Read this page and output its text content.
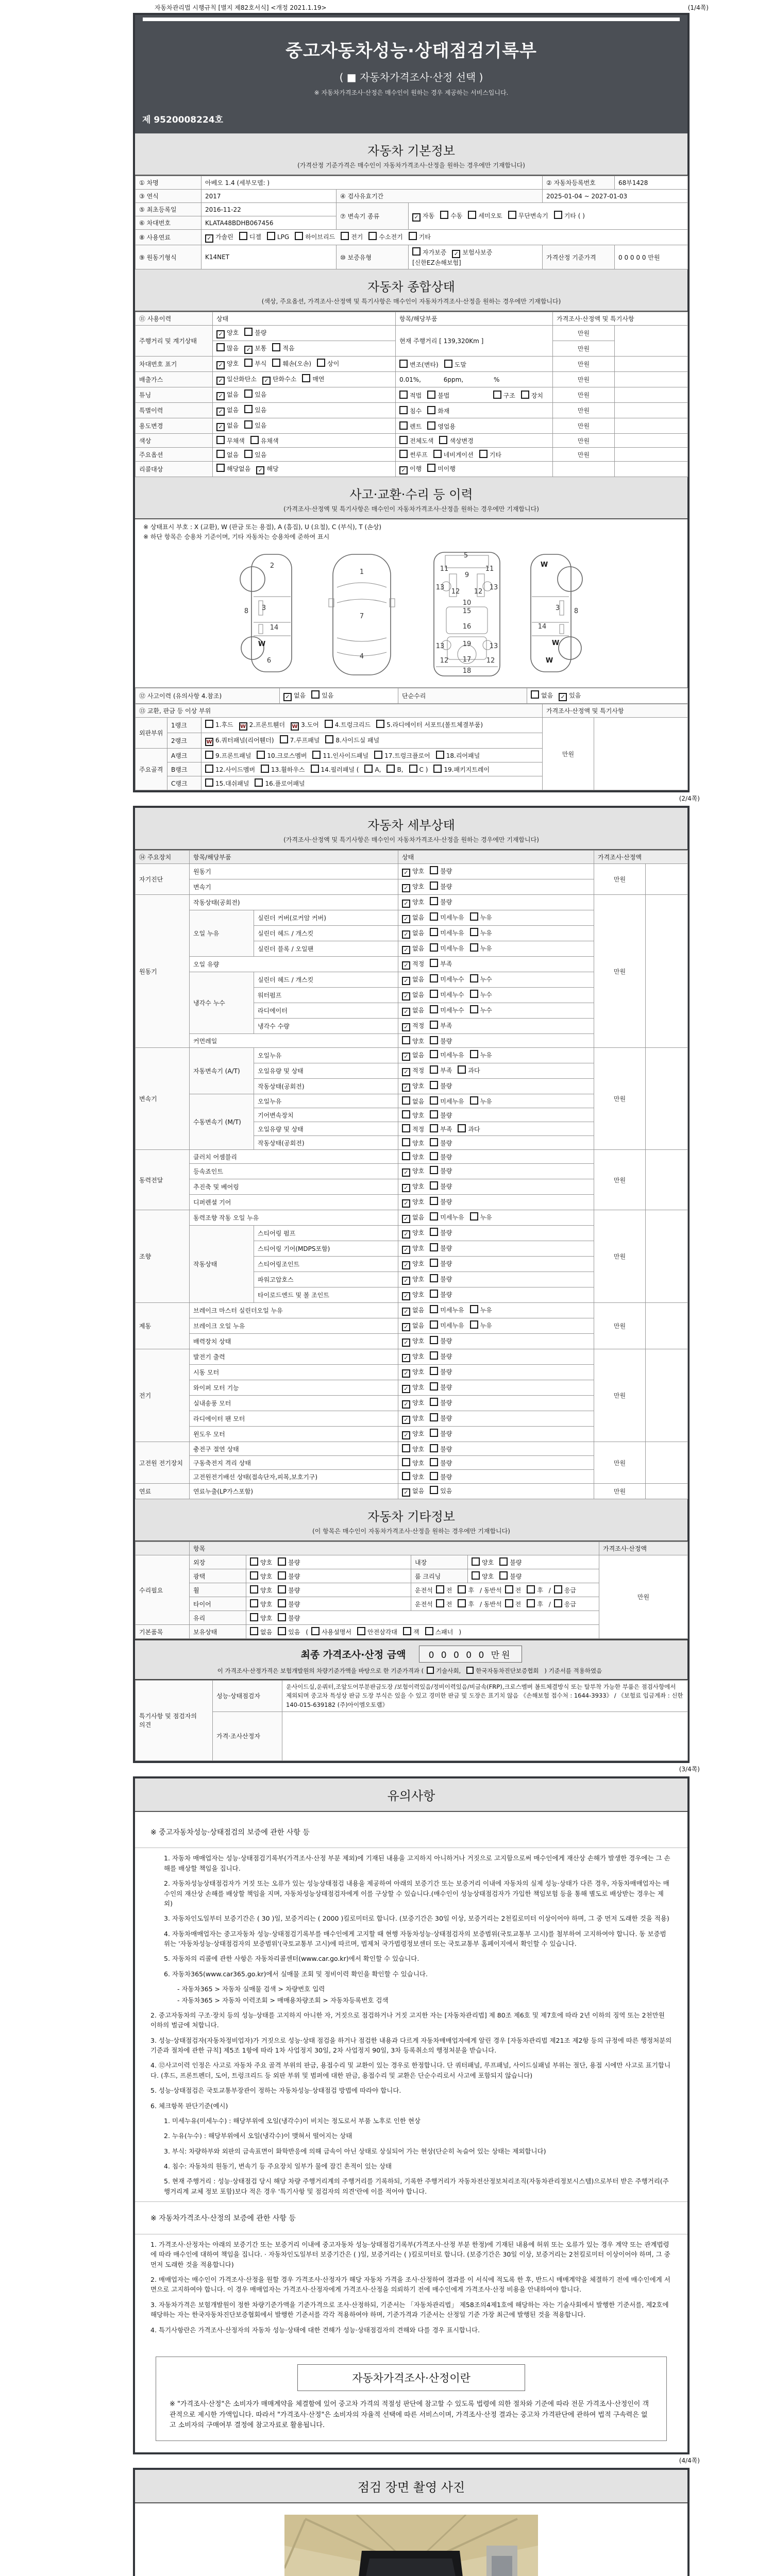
자동차관리법 시행규칙 [별지 제82호서식] <개정 2021.1.19>	(1/4쪽)
중고자동차성능·상태점검기록부
( ■ 자동차가격조사·산정 선택 )
※ 자동차가격조사·산정은 매수인이 원하는 경우 제공하는 서비스입니다.
제 9520008224호
자동차 기본정보
(가격산정 기준가격은 매수인이 자동차가격조사·산정을 원하는 경우에만 기재합니다)
① 차명	아베오 1.4 (세부모델: )			② 자동차등록번호	68부1428
③ 연식	2017	④ 검사유효기간		2025-01-04 ~ 2027-01-03	
⑤ 최초등록일	2016-11-22	⑦ 변속기 종류	✓자동 수동 세미오토 무단변속기 기타 ( )
⑥ 차대번호	KLATA48BDHB067456				
⑧ 사용연료	✓가솔린 디젤 LPG 하이브리드 전기 수소전기 기타
⑨ 원동기형식	K14NET	⑩ 보증유형	자가보증 ✓ 보험사보증[신한EZ손해보험]	가격산정 기준가격	0 0 0 0 0 만원
자동차 종합상태
(색상, 주요옵션, 가격조사·산정액 및 특기사항은 매수인이 자동차가격조사·산정을 원하는 경우에만 기재합니다)
⑪ 사용이력	상태	항목/해당부품	가격조사·산정액 및 특기사항	
주행거리 및 계기상태	✓양호 불량	현재 주행거리 [ 139,320Km ]	만원	
	많음 ✓ 보통 적음		만원	
차대번호 표기	✓양호 부식 훼손(오손) 상이	변조(변타) 도말	만원	
배출가스	✓일산화탄소 ✓ 탄화수소 매연	0.01%, 6ppm, %	만원	
튜닝	✓없음 있음	적법 불법 구조 장치	만원	
특별이력	✓없음 있음	침수 화재	만원	
용도변경	✓없음 있음	렌트 영업용	만원	
색상	무채색 유채색	전체도색 색상변경	만원	
주요옵션	없음 있음	썬루프 네비게이션 기타	만원	
리콜대상	해당없음 ✓ 해당	✓이행 미이행		
사고·교환·수리 등 이력
(가격조사·산정액 및 특기사항은 매수인이 자동차가격조사·산정을 원하는 경우에만 기재합니다)
※ 상태표시 부호 : X (교환), W (판금 또는 용접), A (흠집), U (요철), C (부식), T (손상)
※ 하단 항목은 승용차 기준이며, 기타 자동차는 승용차에 준하여 표시
2
8 3
14
W
6
1
7
4
5
11	11
9
13	13
12 12
10
15
16
19
13	13
12	12
17
18
W
3 8
14
W
W
⑫ 사고이력 (유의사항 4.참조)	✓없음	있음	단순수리	없음 ✓	있음
⑬ 교환, 판금 등 이상 부위			가격조사·산정액 및 특기사항	
외판부위	1랭크	1.후드 W 2.프론트휀더 W 3.도어 4.트렁크리드 5.라디에이터 서포트(볼트체결부품)	만원	
	2랭크	W6.쿼터패널(리어휀더) 7.루프패널 8.사이드실 패널
주요골격	A랭크	9.프론트패널 10.크로스멤버 11.인사이드패널 17.트렁크플로어 18.리어패널		
	B랭크	12.사이드멤버 13.휠하우스 14.필러패널 ( A, B, C ) 19.패키지트레이		
	C랭크	15.대쉬패널 16.플로어패널		
(2/4쪽)
자동차 세부상태
(가격조사·산정액 및 특기사항은 매수인이 자동차가격조사·산정을 원하는 경우에만 기재합니다)
⑭ 주요장치	항목/해당부품		상태	가격조사·산정액	
자기진단	원동기	✓양호 불량	만원	
	변속기	✓양호 불량
원동기	작동상태(공회전)	✓양호 불량	만원	
	오일 누유	실린더 커버(로커암 커버)	✓없음 미세누유 누유
		실린더 헤드 / 개스킷	✓없음 미세누유 누유
		실린더 블록 / 오일팬	✓없음 미세누유 누유
	오일 유량	✓적정 부족
	냉각수 누수	실린더 헤드 / 개스킷	✓없음 미세누수 누수
		워터펌프	✓없음 미세누수 누수
		라디에이터	✓없음 미세누수 누수
		냉각수 수량	✓적정 부족
	커먼레일		양호 불량		
변속기	자동변속기 (A/T)	오일누유	✓없음 미세누유 누유	만원	
		오일유량 및 상태	✓적정 부족 과다
		작동상태(공회전)	✓양호 불량
	수동변속기 (M/T)	오일누유	없음 미세누유 누유		
		기어변속장치	양호 불량		
		오일유량 및 상태	적정 부족 과다		
		작동상태(공회전)	양호 불량		
동력전달	클러치 어셈블리		양호 불량	만원	
	등속죠인트	✓양호 불량
	추진축 및 베어링	✓양호 불량
	디퍼렌셜 기어	✓양호 불량
조향	동력조향 작동 오일 누유	✓없음 미세누유 누유	만원	
	작동상태	스티어링 펌프	✓양호 불량
		스티어링 기어(MDPS포함)	✓양호 불량
		스티어링조인트	✓양호 불량
		파워고압호스	✓양호 불량
		타이로드엔드 및 볼 조인트	✓양호 불량
제동	브레이크 마스터 실린더오일 누유	✓없음 미세누유 누유	만원	
	브레이크 오일 누유	✓없음 미세누유 누유
	배력장치 상태	✓양호 불량
전기	발전기 출력	✓양호 불량	만원	
	시동 모터	✓양호 불량
	와이퍼 모터 기능	✓양호 불량
	실내송풍 모터	✓양호 불량
	라디에이터 팬 모터	✓양호 불량
	윈도우 모터	✓양호 불량
고전원 전기장치	충전구 절연 상태		양호 불량	만원	
	구동축전지 격리 상태		양호 불량		
	고전원전기배선 상태(접속단자,피복,보호기구)		양호 불량		
연료	연료누출(LP가스포함)	✓없음 있음	만원	
자동차 기타정보
(이 항목은 매수인이 자동차가격조사·산정을 원하는 경우에만 기재합니다)
	항목				가격조사·산정액
수리필요	외장	양호 불량	내장	양호 불량	만원
	광택	양호 불량	룸 크리닝	양호 불량	
	휠	양호 불량	운전석 전 후 / 동반석 전 후 / 응급		
	타이어	양호 불량	운전석 전 후 / 동반석 전 후 / 응급		
	유리	양호 불량			
기본품목	보유상태	없음 있음 ( 사용설명서 안전삼각대 잭 스패너 )			
최종 가격조사·산정 금액	0 0 0 0 0 만원
이 가격조사·산정가격은 보험개발원의 차량기준가액을 바탕으로 한 기준가격과 ( 기술사회,	한국자동차진단보증협회 ) 기준서를 적용하였음
특기사항 및 점검자의 의견	성능·상태점검자	운사이드실,운쿼터,조앞도어부분판금도장 /보험이력있음/정비이력있음/비금속(FRP),크로스멤버 볼트체결방식 또는 탈부착 가능한 부품은 점검사항에서 제외되며 중고차 특성상 판금 도장 부식은 있을 수 있고 경미한 판금 및 도장은 표기치 않음 《손해보험 접수처 : 1644-3933》 / 《보험료 입금계좌 : 신한 140-015-639182 (주)아이엠오토랩》
	가격·조사산정자	
(3/4쪽)
유의사항

※ 중고자동차성능·상태점검의 보증에 관한 사항 등

1. 자동차 매매업자는 성능·상태점검기록부(가격조사·산정 부분 제외)에 기재된 내용을 고지하지 아니하거나 거짓으로 고지함으로써 매수인에게 재산상 손해가 발생한 경우에는 그 손해를 배상할 책임을 집니다.

2. 자동차성능상태점검자가 거짓 또는 오류가 있는 성능상태점검 내용을 제공하여 아래의 보증기간 또는 보증거리 이내에 자동차의 실제 성능·상태가 다른 경우, 자동차매매업자는 매수인의 재산상 손해를 배상할 책임을 지며, 자동차성능상태점검자에게 이를 구상할 수 있습니다.(매수인이 성능상태점검자가 가입한 책임보험 등을 통해 별도로 배상받는 경우는 제외)

3. 자동차인도일부터 보증기간은 ( 30 )일, 보증거리는 ( 2000 )킬로미터로 합니다. (보증기간은 30일 이상, 보증거리는 2천킬로미터 이상이어야 하며, 그 중 먼저 도래한 것을 적용)

4. 자동차매매업자는 중고자동차 성능·상태점검기록부를 매수인에게 고지할 때 현행 자동차성능·상태점검자의 보증범위(국토교통부 고시)를 첨부하여 고지하여야 합니다. 동 보증범위는 '자동차성능·상태점검자의 보증범위'(국토교통부 고시)에 따르며, 법제처 국가법령정보센터 또는 국토교통부 홈페이지에서 확인할 수 있습니다.

5. 자동차의 리콜에 관한 사항은 자동차리콜센터(www.car.go.kr)에서 확인할 수 있습니다.

6. 자동차365(www.car365.go.kr)에서 실매물 조회 및 정비이력 확인을 확인할 수 있습니다.

- 자동차365 > 자동차 실매물 검색 > 차량번호 입력

- 자동차365 > 자동차 이력조회 > 매매용차량조회 > 자동차등록번호 검색

2. 중고자동차의 구조·장치 등의 성능·상태를 고지하지 아니한 자, 거짓으로 점검하거나 거짓 고지한 자는 [자동차관리법] 제 80조 제6호 및 제7호에 따라 2년 이하의 징역 또는 2천만원 이하의 벌금에 처합니다.

3. 성능·상태점검자(자동차정비업자)가 거짓으로 성능·상태 점검을 하거나 점검한 내용과 다르게 자동차매매업자에게 알린 경우 [자동차관리법 제21조 제2항 등의 규정에 따른 행정처분의 기준과 절차에 관한 규칙] 제5조 1항에 따라 1차 사업정지 30일, 2차 사업정지 90일, 3차 등록취소의 행정처분을 받습니다.

4. ⑫사고이력 인정은 사고로 자동차 주요 골격 부위의 판금, 용접수리 및 교환이 있는 경우로 한정합니다. 단 쿼터패널, 루프패널, 사이드실패널 부위는 절단, 용접 시에만 사고로 표기합니다. (후드, 프론트펜더, 도어, 트렁크리드 등 외판 부위 및 범퍼에 대한 판금, 용접수리 및 교환은 단순수리로서 사고에 포함되지 않습니다)

5. 성능·상태점검은 국토교통부장관이 정하는 자동차성능·상태점검 방법에 따라야 합니다.

6. 체크항목 판단기준(예시)

1. 미세누유(미세누수) : 해당부위에 오일(냉각수)이 비치는 정도로서 부품 노후로 인한 현상

2. 누유(누수) : 해당부위에서 오일(냉각수)이 맺혀서 떨어지는 상태

3. 부식: 차량하부와 외판의 금속표면이 화학반응에 의해 금속이 아닌 상태로 상실되어 가는 현상(단순히 녹슬어 있는 상태는 제외합니다)

4. 침수: 자동차의 원동기, 변속기 등 주요장치 일부가 물에 잠긴 흔적이 있는 상태

5. 현재 주행거리 : 성능·상태점검 당시 해당 차량 주행거리계의 주행거리를 기록하되, 기록한 주행거리가 자동차전산정보처리조직(자동차관리정보시스템)으로부터 받은 주행거리(주행거리계 교체 정보 포함)보다 적은 경우 '특기사항 및 점검자의 의견'란에 이를 적어야 합니다.

※ 자동차가격조사·산정의 보증에 관한 사항 등

1. 가격조사·산정자는 아래의 보증기간 또는 보증거리 이내에 중고자동차 성능·상태점검기록부(가격조사·산정 부분 한정)에 기재된 내용에 허위 또는 오류가 있는 경우 계약 또는 관계법령에 따라 매수인에 대하여 책임을 집니다. · 자동차인도일부터 보증기간은 ( )일, 보증거리는 ( )킬로미터로 합니다. (보증기간은 30일 이상, 보증거리는 2천킬로미터 이상이어야 하며, 그 중 먼저 도래한 것을 적용합니다)

2. 매매업자는 매수인이 가격조사·산정을 원할 경우 가격조사·산정자가 해당 자동차 가격을 조사·산정하여 결과를 이 서식에 적도록 한 후, 반드시 매매계약을 체결하기 전에 매수인에게 서면으로 고지하여야 합니다. 이 경우 매매업자는 가격조사·산정자에게 가격조사·산정을 의뢰하기 전에 매수인에게 가격조사·산정 비용을 안내하여야 합니다.

3. 자동차가격은 보험개발원이 정한 차량기준가액을 기준가격으로 조사·산정하되, 기준서는 「자동차관리법」 제58조의4제1호에 해당하는 자는 기술사회에서 발행한 기준서를, 제2호에 해당하는 자는 한국자동차진단보증협회에서 발행한 기준서를 각각 적용하여야 하며, 기준가격과 기준서는 산정일 기준 가장 최근에 발행된 것을 적용합니다.

4. 특기사항란은 가격조사·산정자의 자동차 성능·상태에 대한 견해가 성능·상태점검자의 견해와 다를 경우 표시합니다.

자동차가격조사·산정이란
※ "가격조사·산정"은 소비자가 매매계약을 체결함에 있어 중고차 가격의 적절성 판단에 참고할 수 있도록 법령에 의한 절차와 기준에 따라 전문 가격조사·산정인이 객관적으로 제시한 가액입니다. 따라서 "가격조사·산정"은 소비자의 자율적 선택에 따른 서비스이며, 가격조사·산정 결과는 중고차 가격판단에 관하여 법적 구속력은 없고 소비자의 구매여부 결정에 참고자료로 활용됩니다.
(4/4쪽)
점검 장면 촬영 사진
